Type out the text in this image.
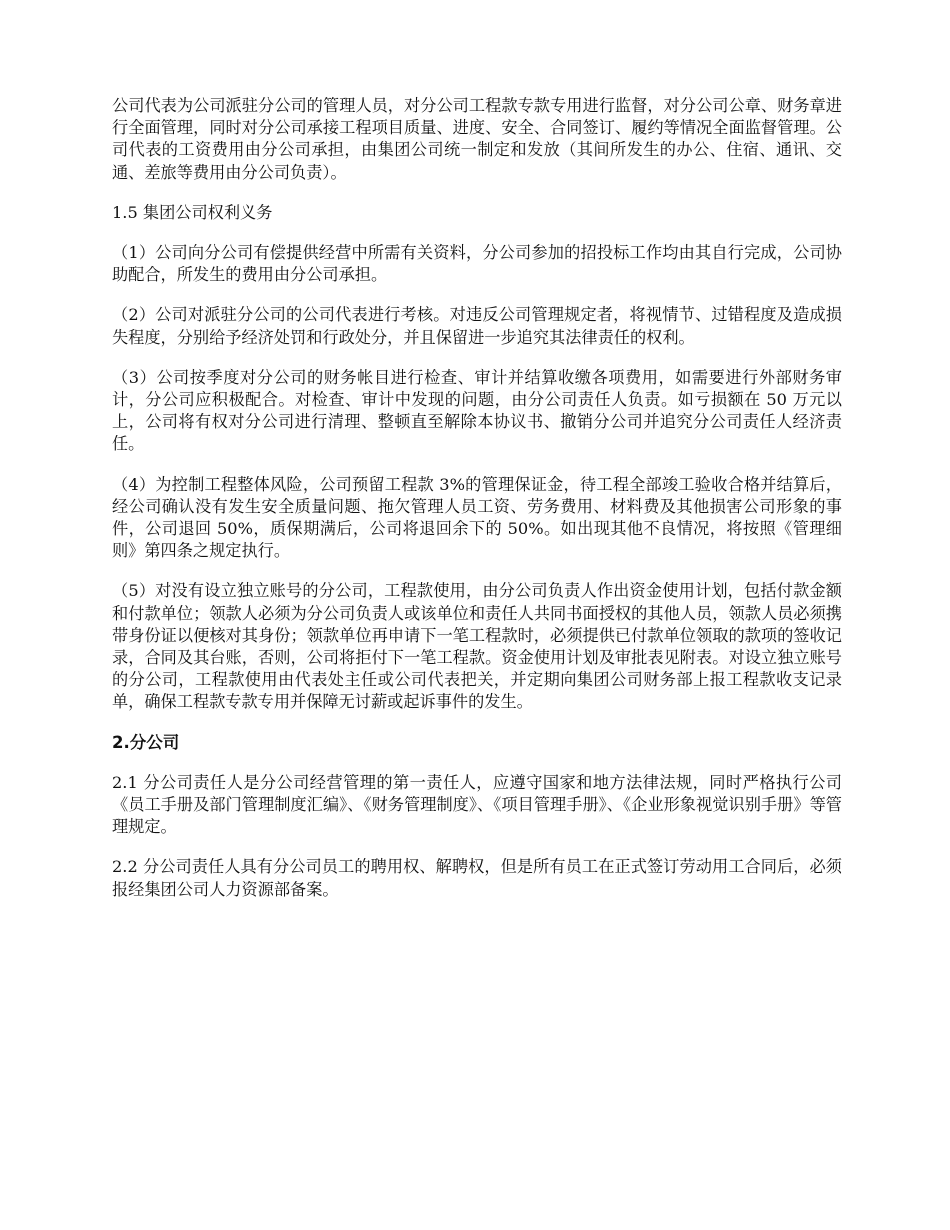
公司代表为公司派驻分公司的管理人员，对分公司工程款专款专用进行监督，对分公司公章、财务章进行全面管理，同时对分公司承接工程项目质量、进度、安全、合同签订、履约等情况全面监督管理。公司代表的工资费用由分公司承担，由集团公司统一制定和发放（其间所发生的办公、住宿、通讯、交通、差旅等费用由分公司负责）。

1.5 集团公司权利义务

（1）公司向分公司有偿提供经营中所需有关资料，分公司参加的招投标工作均由其自行完成，公司协助配合，所发生的费用由分公司承担。

（2）公司对派驻分公司的公司代表进行考核。对违反公司管理规定者，将视情节、过错程度及造成损失程度，分别给予经济处罚和行政处分，并且保留进一步追究其法律责任的权利。

（3）公司按季度对分公司的财务帐目进行检查、审计并结算收缴各项费用，如需要进行外部财务审计，分公司应积极配合。对检查、审计中发现的问题，由分公司责任人负责。如亏损额在 50 万元以上，公司将有权对分公司进行清理、整顿直至解除本协议书、撤销分公司并追究分公司责任人经济责任。

（4）为控制工程整体风险，公司预留工程款 3%的管理保证金，待工程全部竣工验收合格并结算后，经公司确认没有发生安全质量问题、拖欠管理人员工资、劳务费用、材料费及其他损害公司形象的事件，公司退回 50%，质保期满后，公司将退回余下的 50%。如出现其他不良情况，将按照《管理细则》第四条之规定执行。

（5）对没有设立独立账号的分公司，工程款使用，由分公司负责人作出资金使用计划，包括付款金额和付款单位；领款人必须为分公司负责人或该单位和责任人共同书面授权的其他人员，领款人员必须携带身份证以便核对其身份；领款单位再申请下一笔工程款时，必须提供已付款单位领取的款项的签收记录，合同及其台账，否则，公司将拒付下一笔工程款。资金使用计划及审批表见附表。对设立独立账号的分公司，工程款使用由代表处主任或公司代表把关，并定期向集团公司财务部上报工程款收支记录单，确保工程款专款专用并保障无讨薪或起诉事件的发生。

2.分公司

2.1 分公司责任人是分公司经营管理的第一责任人，应遵守国家和地方法律法规，同时严格执行公司《员工手册及部门管理制度汇编》、《财务管理制度》、《项目管理手册》、《企业形象视觉识别手册》等管理规定。

2.2 分公司责任人具有分公司员工的聘用权、解聘权，但是所有员工在正式签订劳动用工合同后，必须报经集团公司人力资源部备案。
